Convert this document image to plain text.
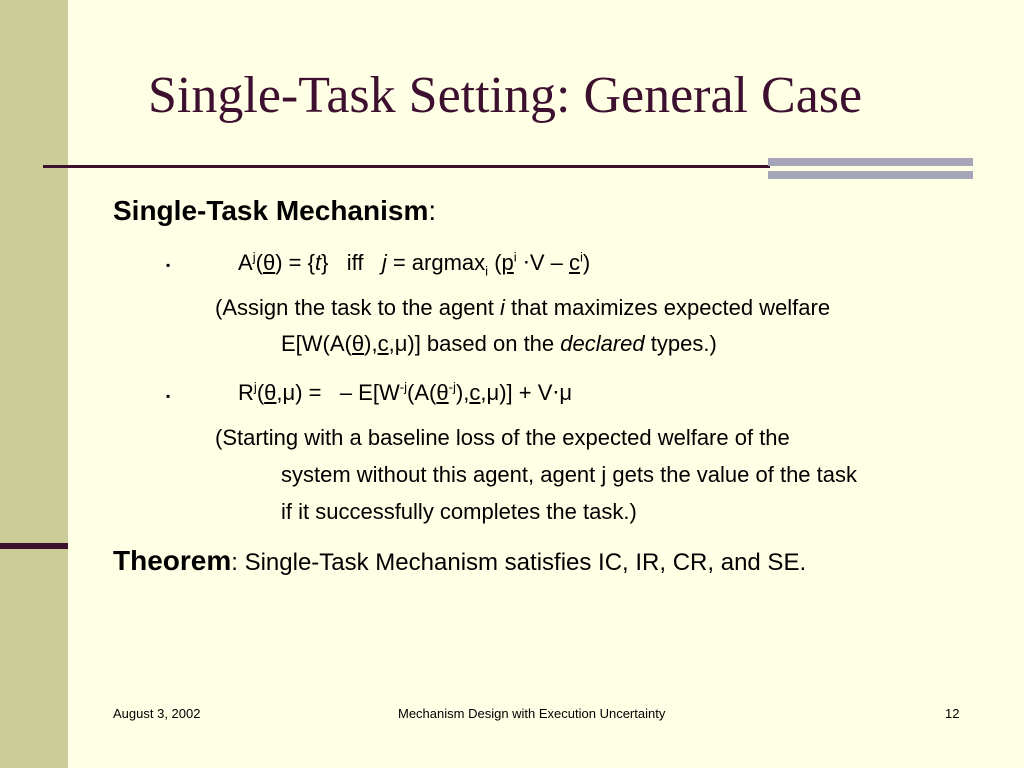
Single-Task Setting: General Case
Single-Task Mechanism:
▪	$A^j(\theta) = \{t\}$   iff   j = argmax$_i$ $(p^i \cdot V - c^i)$
(Assign the task to the agent i that maximizes expected welfare
E[W(A(θ),c,μ)] based on the declared types.)
▪	$R^j(\theta,\mu)$ =   – $E[W^{-j}(A(\theta^{-j}),c,\mu)] + V\cdot\mu$
(Starting with a baseline loss of the expected welfare of the
system without this agent, agent j gets the value of the task
if it successfully completes the task.)
Theorem: Single-Task Mechanism satisfies IC, IR, CR, and SE.
August 3, 2002	Mechanism Design with Execution Uncertainty	12
